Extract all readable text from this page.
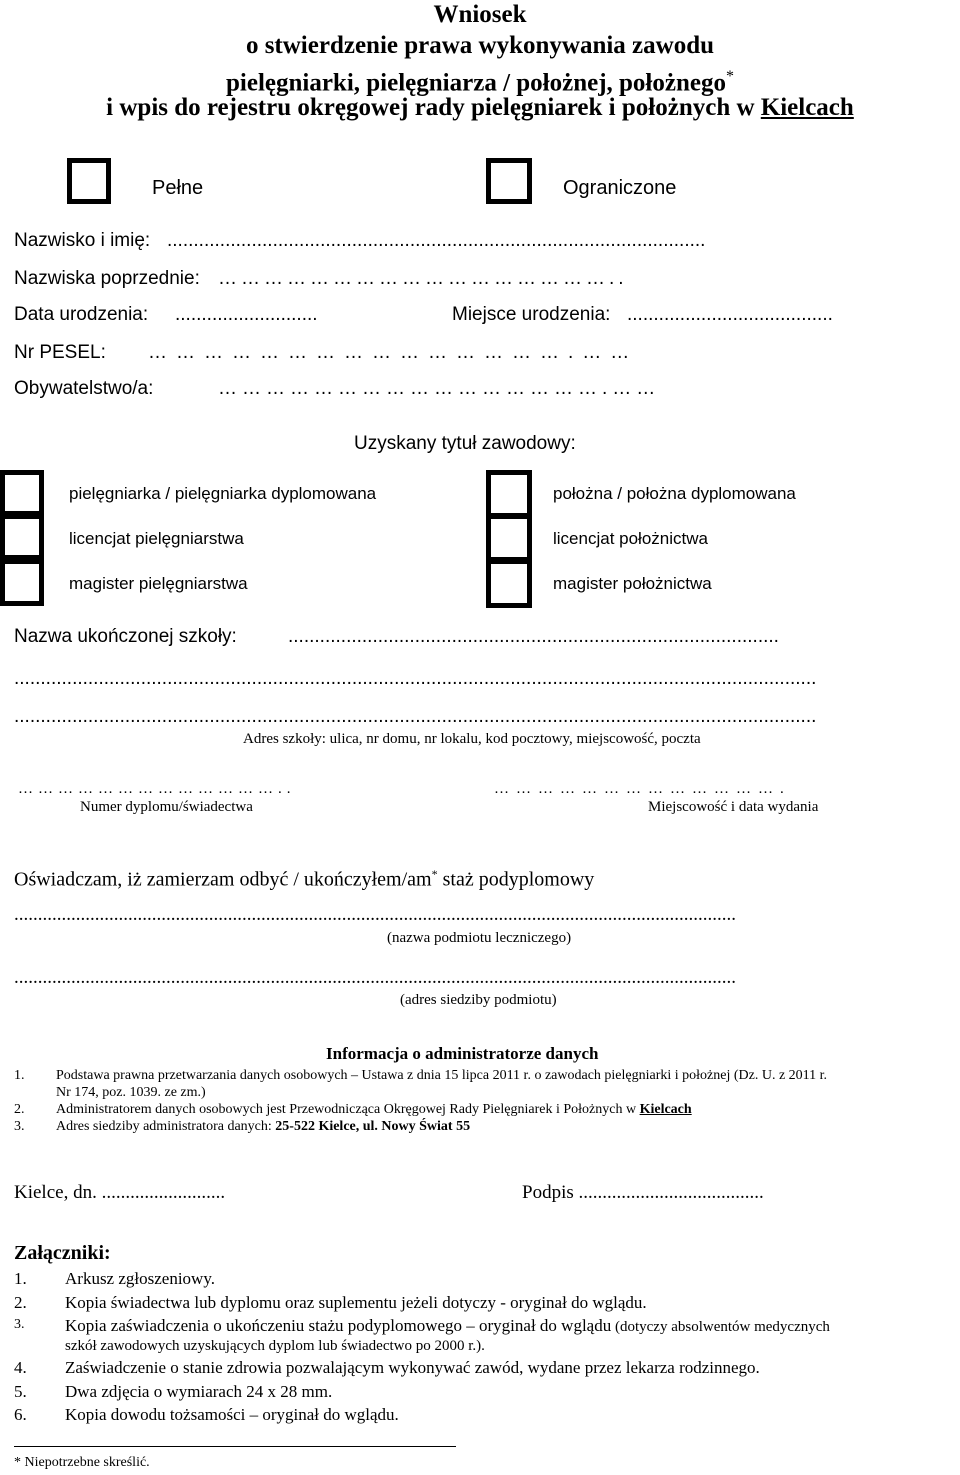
Wniosek
o stwierdzenie prawa wykonywania zawodu
pielęgniarki, pielęgniarza / położnej, położnego*
i wpis do rejestru okręgowej rady pielęgniarek i położnych w Kielcach
Pełne	Ograniczone
Nazwisko i imię: ......................................................................................................
Nazwiska poprzednie: ……………………………………………..
Data urodzenia: ...........................	Miejsce urodzenia: .......................................
Nr PESEL: ……………………………………….……
Obywatelstwo/a:	………………………………………….……
Uzyskany tytuł zawodowy:
pielęgniarka / pielęgniarka dyplomowana
licencjat pielęgniarstwa
magister pielęgniarstwa
położna / położna dyplomowana
licencjat położnictwa
magister położnictwa
Nazwa ukończonej szkoły:	.............................................................................................
........................................................................................................................................................
........................................................................................................................................................
Adres szkoły: ulica, nr domu, nr lokalu, kod pocztowy, miejscowość, poczta
…………………………………..
Numer dyplomu/świadectwa
………………………………….
Miejscowość i data wydania
Oświadczam, iż zamierzam odbyć / ukończyłem/am* staż podyplomowy
........................................................................................................................................................
(nazwa podmiotu leczniczego)
........................................................................................................................................................
(adres siedziby podmiotu)
Informacja o administratorze danych
1. Podstawa prawna przetwarzania danych osobowych – Ustawa z dnia 15 lipca 2011 r. o zawodach pielęgniarki i położnej (Dz. U. z 2011 r.
Nr 174, poz. 1039. ze zm.)
2. Administratorem danych osobowych jest Przewodnicząca Okręgowej Rady Pielęgniarek i Położnych w Kielcach
3. Adres siedziby administratora danych: 25-522 Kielce, ul. Nowy Świat 55
Kielce, dn. ..........................	Podpis .......................................
Załączniki:
1. Arkusz zgłoszeniowy.
2. Kopia świadectwa lub dyplomu oraz suplementu jeżeli dotyczy - oryginał do wglądu.
3. Kopia zaświadczenia o ukończeniu stażu podyplomowego – oryginał do wglądu (dotyczy absolwentów medycznych
szkół zawodowych uzyskujących dyplom lub świadectwo po 2000 r.).
4. Zaświadczenie o stanie zdrowia pozwalającym wykonywać zawód, wydane przez lekarza rodzinnego.
5. Dwa zdjęcia o wymiarach 24 x 28 mm.
6. Kopia dowodu tożsamości – oryginał do wglądu.
* Niepotrzebne skreślić.
